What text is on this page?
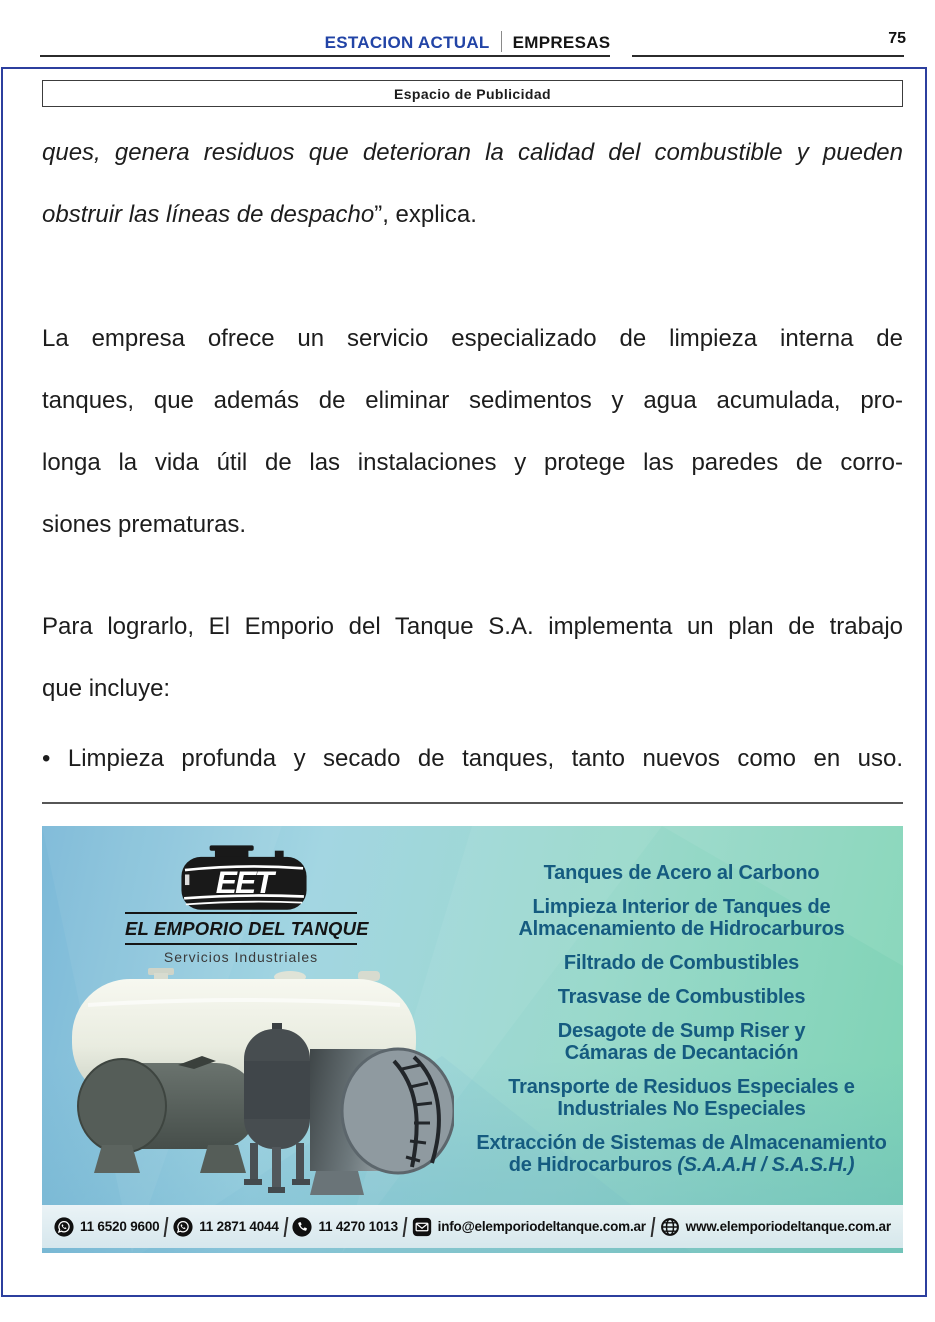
ESTACION ACTUAL EMPRESAS	75
Espacio de Publicidad
ques, genera residuos que deterioran la calidad del combustible y pueden
obstruir las líneas de despacho”, explica.
La empresa ofrece un servicio especializado de limpieza interna de
tanques, que además de eliminar sedimentos y agua acumulada, pro-
longa la vida útil de las instalaciones y protege las paredes de corro-
siones prematuras.
Para lograrlo, El Emporio del Tanque S.A. implementa un plan de trabajo
que incluye:
• Limpieza profunda y secado de tanques, tanto nuevos como en uso.
EET
EL EMPORIO DEL TANQUE
Servicios Industriales
Tanques de Acero al Carbono
Limpieza Interior de Tanques de
Almacenamiento de Hidrocarburos
Filtrado de Combustibles
Trasvase de Combustibles
Desagote de Sump Riser y
Cámaras de Decantación
Transporte de Residuos Especiales e
Industriales No Especiales
Extracción de Sistemas de Almacenamiento
de Hidrocarburos (S.A.A.H / S.A.S.H.)
11 6520 9600	11 2871 4044	11 4270 1013	info@elemporiodeltanque.com.ar	www.elemporiodeltanque.com.ar
